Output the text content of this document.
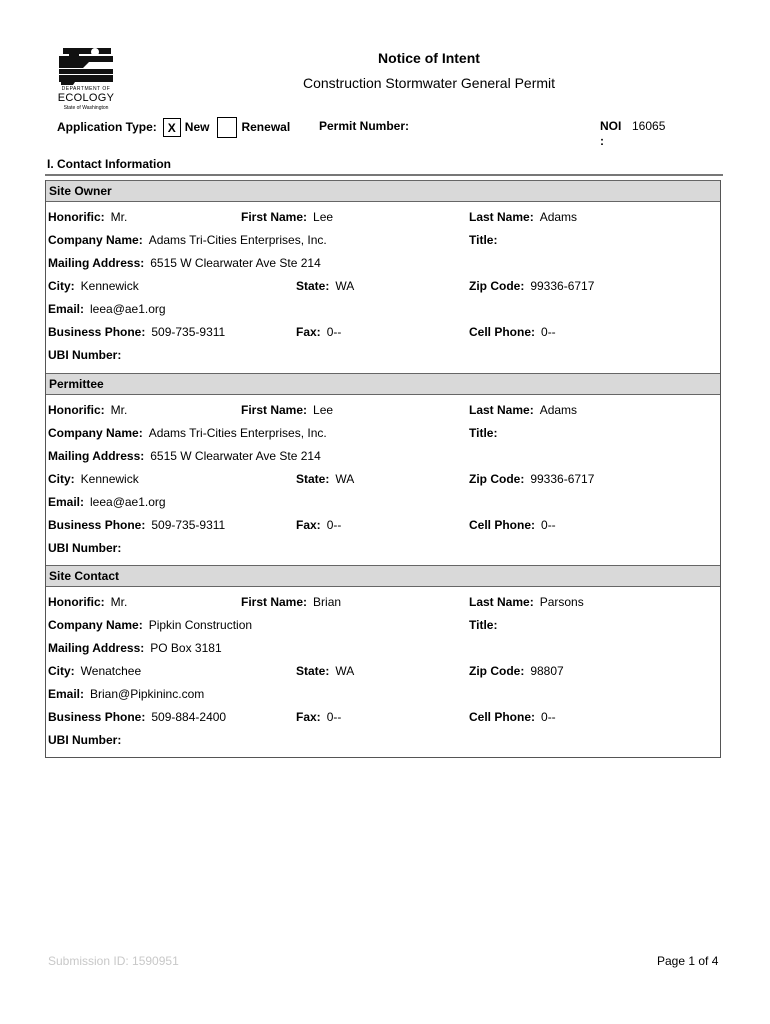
DEPARTMENT OF
ECOLOGY
State of Washington
Notice of Intent
Construction Stormwater General Permit
Application Type: X New	Renewal Permit Number:	NOI
:
16065
I. Contact Information
Site Owner
Honorific: Mr.	First Name: Lee	Last Name: Adams
Company Name: Adams Tri-Cities Enterprises, Inc.	Title:
Mailing Address: 6515 W Clearwater Ave Ste 214
City: Kennewick	State: WA	Zip Code: 99336-6717
Email: leea@ae1.org
Business Phone: 509-735-9311	Fax: 0--	Cell Phone: 0--
UBI Number:
Permittee
Honorific: Mr.	First Name: Lee	Last Name: Adams
Company Name: Adams Tri-Cities Enterprises, Inc.	Title:
Mailing Address: 6515 W Clearwater Ave Ste 214
City: Kennewick	State: WA	Zip Code: 99336-6717
Email: leea@ae1.org
Business Phone: 509-735-9311	Fax: 0--	Cell Phone: 0--
UBI Number:
Site Contact
Honorific: Mr.	First Name: Brian	Last Name: Parsons
Company Name: Pipkin Construction	Title:
Mailing Address: PO Box 3181
City: Wenatchee	State: WA	Zip Code: 98807
Email: Brian@Pipkininc.com
Business Phone: 509-884-2400	Fax: 0--	Cell Phone: 0--
UBI Number:
Submission ID: 1590951	Page 1 of 4
